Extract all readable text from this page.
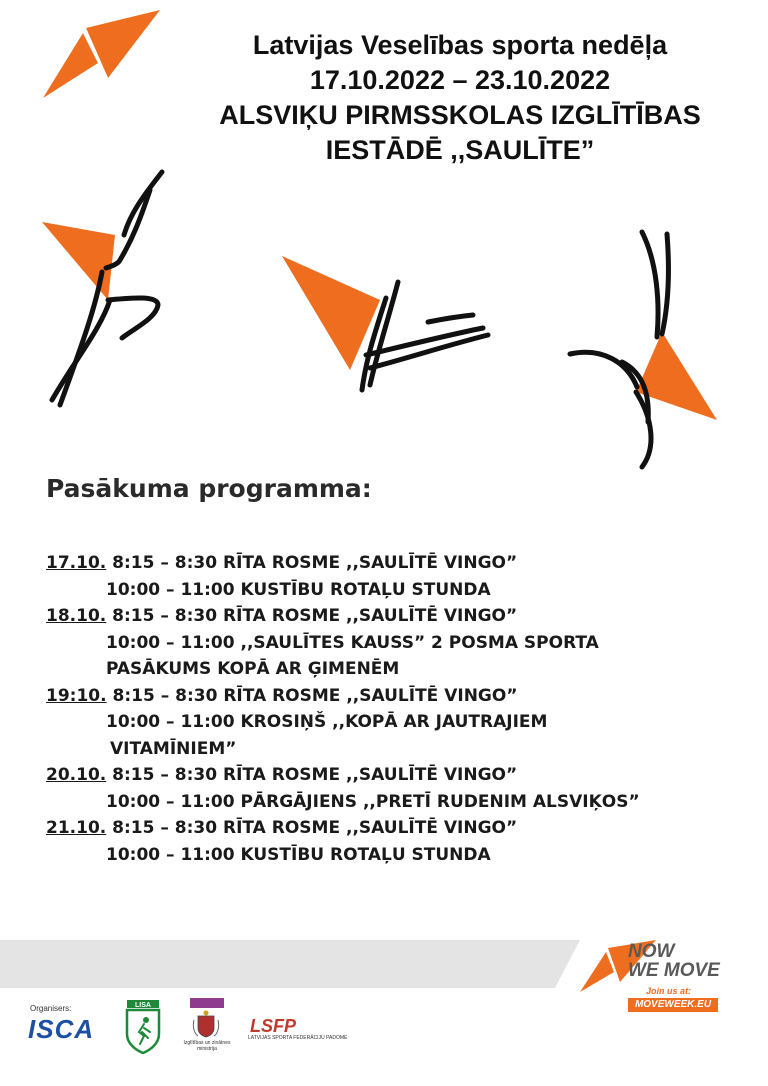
Latvijas Veselības sporta nedēļa
17.10.2022 – 23.10.2022
ALSVIĶU PIRMSSKOLAS IZGLĪTĪBAS
IESTĀDĒ ,,SAULĪTE”
Pasākuma programma:
17.10. 8:15 – 8:30 RĪTA ROSME ,,SAULĪTĒ VINGO”
10:00 – 11:00 KUSTĪBU ROTAĻU STUNDA
18.10. 8:15 – 8:30 RĪTA ROSME ,,SAULĪTĒ VINGO”
10:00 – 11:00 ,,SAULĪTES KAUSS” 2 POSMA SPORTA
PASĀKUMS KOPĀ AR ĢIMENĒM
19:10. 8:15 – 8:30 RĪTA ROSME ,,SAULĪTĒ VINGO”
10:00 – 11:00 KROSIŅŠ ,,KOPĀ AR JAUTRAJIEM
VITAMĪNIEM”
20.10. 8:15 – 8:30 RĪTA ROSME ,,SAULĪTĒ VINGO”
10:00 – 11:00 PĀRGĀJIENS ,,PRETĪ RUDENIM ALSVIĶOS”
21.10. 8:15 – 8:30 RĪTA ROSME ,,SAULĪTĒ VINGO”
10:00 – 11:00 KUSTĪBU ROTAĻU STUNDA
NOW
WE MOVE
Join us at:
MOVEWEEK.EU
Organisers:
ISCA
LISA
Izglītības un zinātnes ministrija
LSFP
LATVIJAS SPORTA FEDERĀCIJU PADOME
